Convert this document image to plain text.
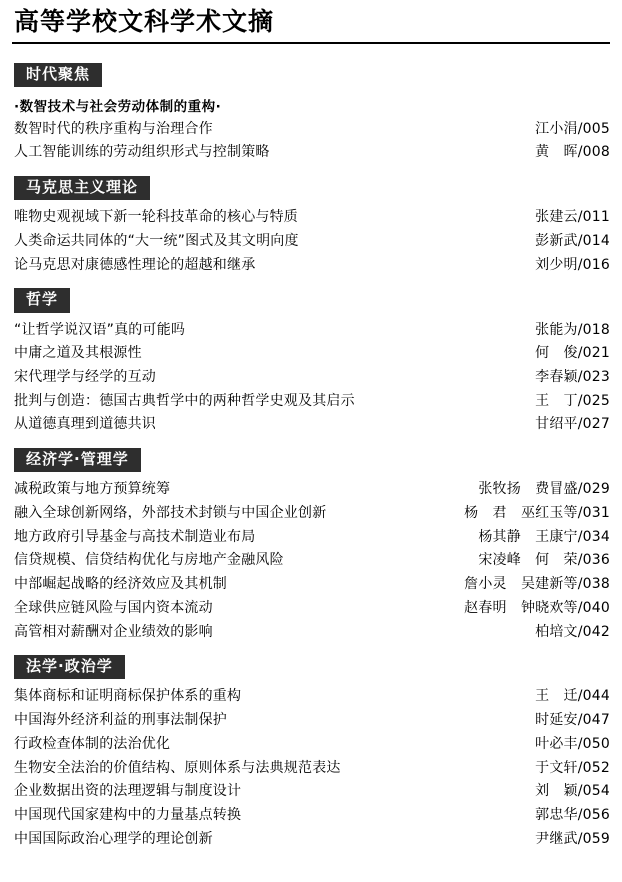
高等学校文科学术文摘
时代聚焦
·数智技术与社会劳动体制的重构·
数智时代的秩序重构与治理合作	江小涓/005
人工智能训练的劳动组织形式与控制策略	黄　晖/008
马克思主义理论
唯物史观视域下新一轮科技革命的核心与特质	张建云/011
人类命运共同体的“大一统”图式及其文明向度	彭新武/014
论马克思对康德感性理论的超越和继承	刘少明/016
哲学
“让哲学说汉语”真的可能吗	张能为/018
中庸之道及其根源性	何　俊/021
宋代理学与经学的互动	李春颖/023
批判与创造：德国古典哲学中的两种哲学史观及其启示	王　丁/025
从道德真理到道德共识	甘绍平/027
经济学·管理学
减税政策与地方预算统筹	张牧扬　费冒盛/029
融入全球创新网络，外部技术封锁与中国企业创新	杨　君　巫红玉等/031
地方政府引导基金与高技术制造业布局	杨其静　王康宁/034
信贷规模、信贷结构优化与房地产金融风险	宋凌峰　何　荣/036
中部崛起战略的经济效应及其机制	詹小灵　吴建新等/038
全球供应链风险与国内资本流动	赵春明　钟晓欢等/040
高管相对薪酬对企业绩效的影响	柏培文/042
法学·政治学
集体商标和证明商标保护体系的重构	王　迁/044
中国海外经济利益的刑事法制保护	时延安/047
行政检查体制的法治优化	叶必丰/050
生物安全法治的价值结构、原则体系与法典规范表达	于文轩/052
企业数据出资的法理逻辑与制度设计	刘　颖/054
中国现代国家建构中的力量基点转换	郭忠华/056
中国国际政治心理学的理论创新	尹继武/059
